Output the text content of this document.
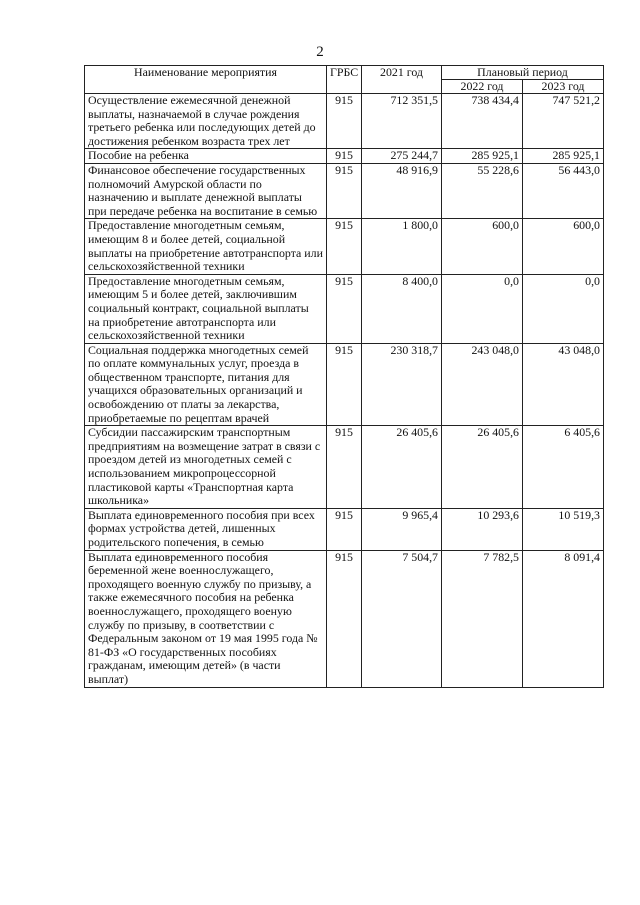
2
Наименование мероприятия	ГРБС	2021 год	Плановый период	
			2022 год	2023 год
Осуществление ежемесячной денежной выплаты, назначаемой в случае рождения третьего ребенка или последующих детей до достижения ребенком возраста трех лет	915	712 351,5	738 434,4	747 521,2
Пособие на ребенка	915	275 244,7	285 925,1	285 925,1
Финансовое обеспечение государственных полномочий Амурской области по назначению и выплате денежной выплаты при передаче ребенка на воспитание в семью	915	48 916,9	55 228,6	56 443,0
Предоставление многодетным семьям, имеющим 8 и более детей, социальной выплаты на приобретение автотранспорта или сельскохозяйственной техники	915	1 800,0	600,0	600,0
Предоставление многодетным семьям, имеющим 5 и более детей, заключившим социальный контракт, социальной выплаты на приобретение автотранспорта или сельскохозяйственной техники	915	8 400,0	0,0	0,0
Социальная поддержка многодетных семей по оплате коммунальных услуг, проезда в общественном транспорте, питания для учащихся образовательных организаций и освобождению от платы за лекарства, приобретаемые по рецептам врачей	915	230 318,7	243 048,0	43 048,0
Субсидии пассажирским транспортным предприятиям на возмещение затрат в связи с проездом детей из многодетных семей с использованием микропроцессорной пластиковой карты «Транспортная карта школьника»	915	26 405,6	26 405,6	6 405,6
Выплата единовременного пособия при всех формах устройства детей, лишенных родительского попечения, в семью	915	9 965,4	10 293,6	10 519,3
Выплата единовременного пособия беременной жене военнослужащего, проходящего военную службу по призыву, а также ежемесячного пособия на ребенка военнослужащего, проходящего военую службу по призыву, в соответствии с Федеральным законом от 19 мая 1995 года № 81-ФЗ «О государственных пособиях гражданам, имеющим детей» (в части выплат)	915	7 504,7	7 782,5	8 091,4
